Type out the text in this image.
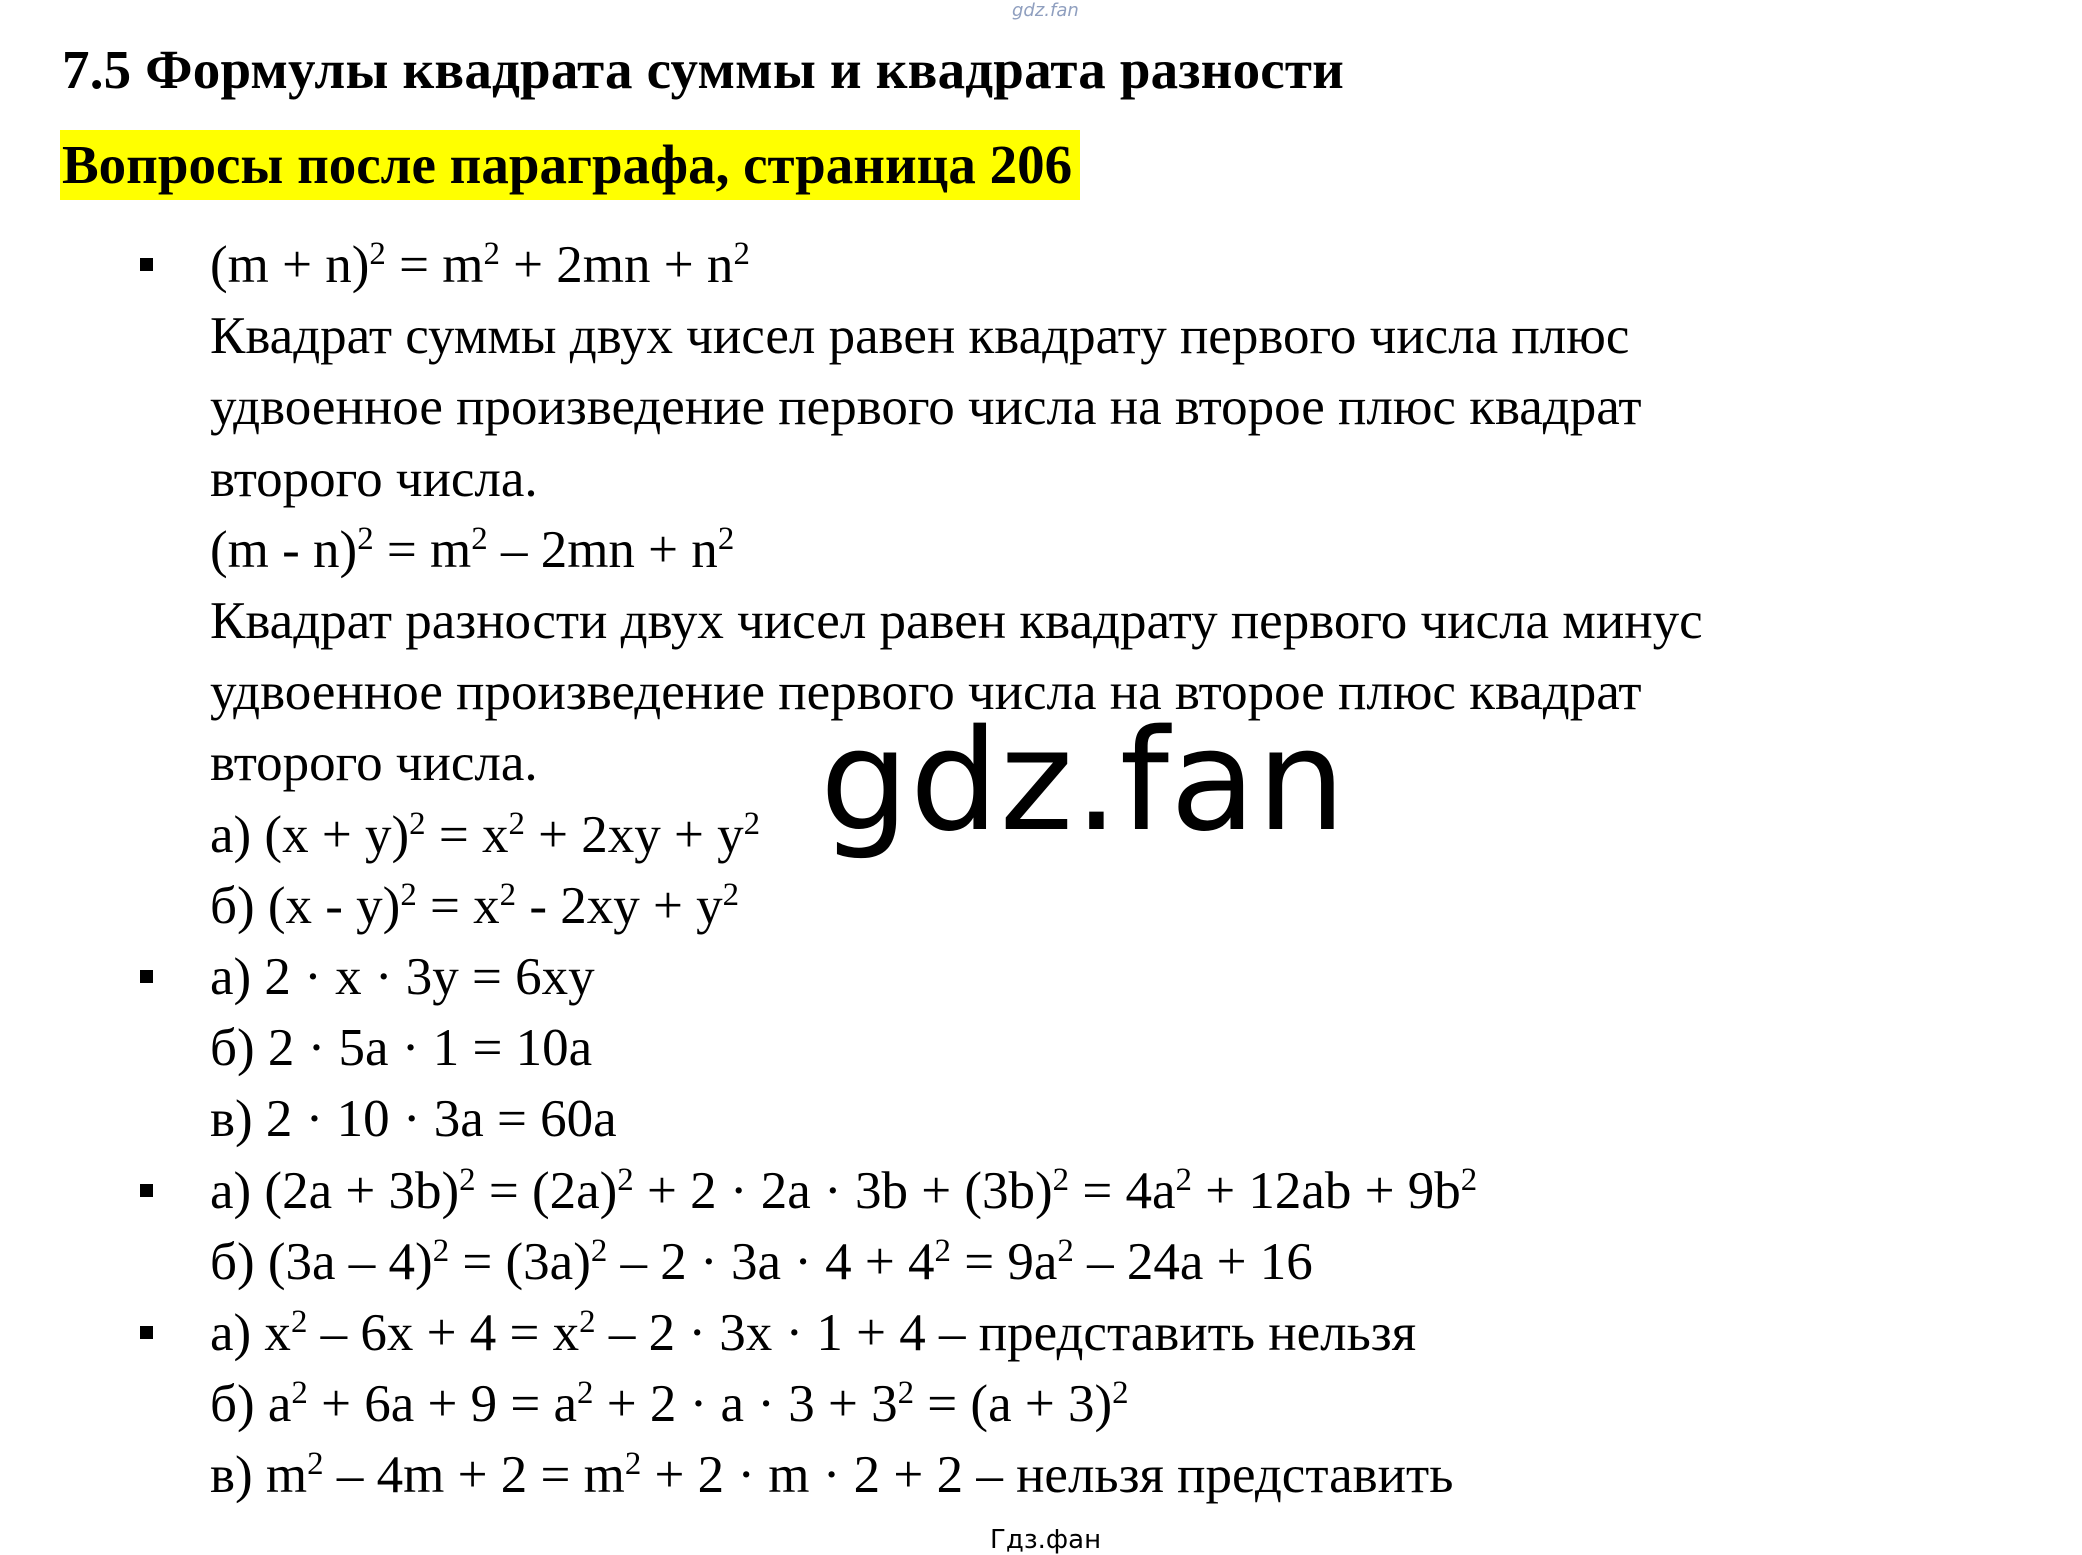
gdz.fan
7.5 Формулы квадрата суммы и квадрата разности
Вопросы после параграфа, страница 206
$(m + n)^2 = m^2 + 2mn + n^2$
Квадрат суммы двух чисел равен квадрату первого числа плюс
удвоенное произведение первого числа на второе плюс квадрат
второго числа.
$(m - n)^2 = m^2 - 2mn + n^2$
Квадрат разности двух чисел равен квадрату первого числа минус
удвоенное произведение первого числа на второе плюс квадрат
второго числа.
а) $(x + y)^2 = x^2 + 2xy + y^2$
б) $(x - y)^2 = x^2 - 2xy + y^2$
а) 2 · x · 3y = 6xy
б) 2 · 5a · 1 = 10a
в) 2 · 10 · 3a = 60a
а) $(2a + 3b)^2 = (2a)^2 + 2 \cdot 2a \cdot 3b + (3b)^2 = 4a^2 + 12ab + 9b^2$
б) $(3a - 4)^2 = (3a)^2 - 2 \cdot 3a \cdot 4 + 4^2 = 9a^2 - 24a + 16$
а) $x^2 - 6x + 4 = x^2 - 2 \cdot 3x \cdot 1 + 4$ – представить нельзя
б) $a^2 + 6a + 9 = a^2 + 2 \cdot a \cdot 3 + 3^2 = (a + 3)^2$
в) $m^2 - 4m + 2 = m^2 + 2 \cdot m \cdot 2 + 2$ – нельзя представить
gdz.fan
Гдз.фан
